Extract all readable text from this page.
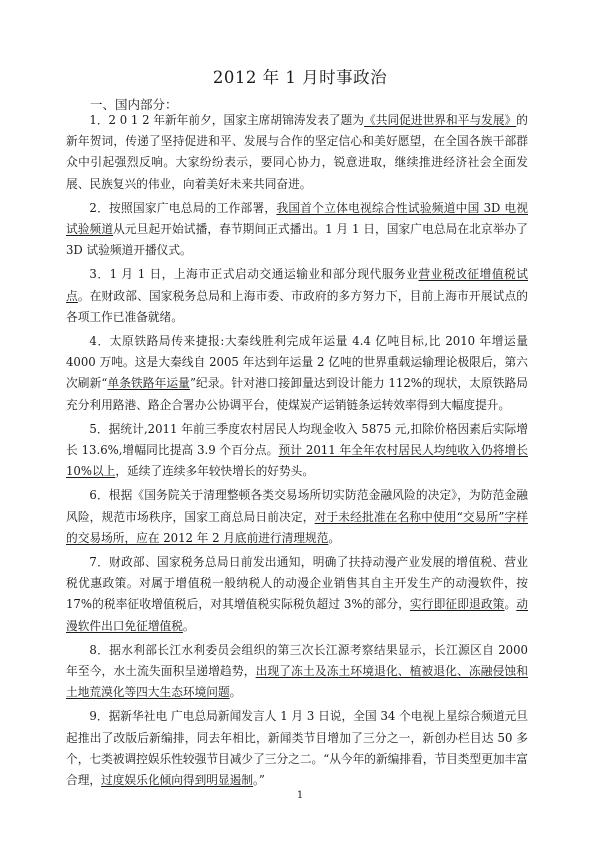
2012 年 1 月时事政治

一、国内部分：

1．2 0 1 2 年新年前夕，国家主席胡锦涛发表了题为《共同促进世界和平与发展》的新年贺词，传递了坚持促进和平、发展与合作的坚定信心和美好愿望，在全国各族干部群众中引起强烈反响。大家纷纷表示，要同心协力，锐意进取，继续推进经济社会全面发展、民族复兴的伟业，向着美好未来共同奋进。

2．按照国家广电总局的工作部署，我国首个立体电视综合性试验频道中国 3D 电视试验频道从元旦起开始试播，春节期间正式播出。1 月 1 日，国家广电总局在北京举办了 3D 试验频道开播仪式。

3．1 月 1 日，上海市正式启动交通运输业和部分现代服务业营业税改征增值税试点。在财政部、国家税务总局和上海市委、市政府的多方努力下，目前上海市开展试点的各项工作已准备就绪。

4．太原铁路局传来捷报:大秦线胜利完成年运量 4.4 亿吨目标,比 2010 年增运量 4000 万吨。这是大秦线自 2005 年达到年运量 2 亿吨的世界重载运输理论极限后，第六次刷新“单条铁路年运量”纪录。针对港口接卸量达到设计能力 112%的现状，太原铁路局充分利用路港、路企合署办公协调平台，使煤炭产运销链条运转效率得到大幅度提升。

5．据统计,2011 年前三季度农村居民人均现金收入 5875 元,扣除价格因素后实际增长 13.6%,增幅同比提高 3.9 个百分点。预计 2011 年全年农村居民人均纯收入仍将增长 10%以上，延续了连续多年较快增长的好势头。

6．根据《国务院关于清理整顿各类交易场所切实防范金融风险的决定》，为防范金融风险，规范市场秩序，国家工商总局日前决定，对于未经批准在名称中使用“交易所”字样的交易场所，应在 2012 年 2 月底前进行清理规范。

7．财政部、国家税务总局日前发出通知，明确了扶持动漫产业发展的增值税、营业税优惠政策。对属于增值税一般纳税人的动漫企业销售其自主开发生产的动漫软件，按 17%的税率征收增值税后，对其增值税实际税负超过 3%的部分，实行即征即退政策。动漫软件出口免征增值税。

8．据水利部长江水利委员会组织的第三次长江源考察结果显示，长江源区自 2000 年至今，水土流失面积呈递增趋势，出现了冻土及冻土环境退化、植被退化、冻融侵蚀和土地荒漠化等四大生态环境问题。

9．据新华社电 广电总局新闻发言人 1 月 3 日说，全国 34 个电视上星综合频道元旦起推出了改版后新编排，同去年相比，新闻类节目增加了三分之一，新创办栏目达 50 多个，七类被调控娱乐性较强节目减少了三分之二。“从今年的新编排看，节目类型更加丰富合理，过度娱乐化倾向得到明显遏制。”

1
